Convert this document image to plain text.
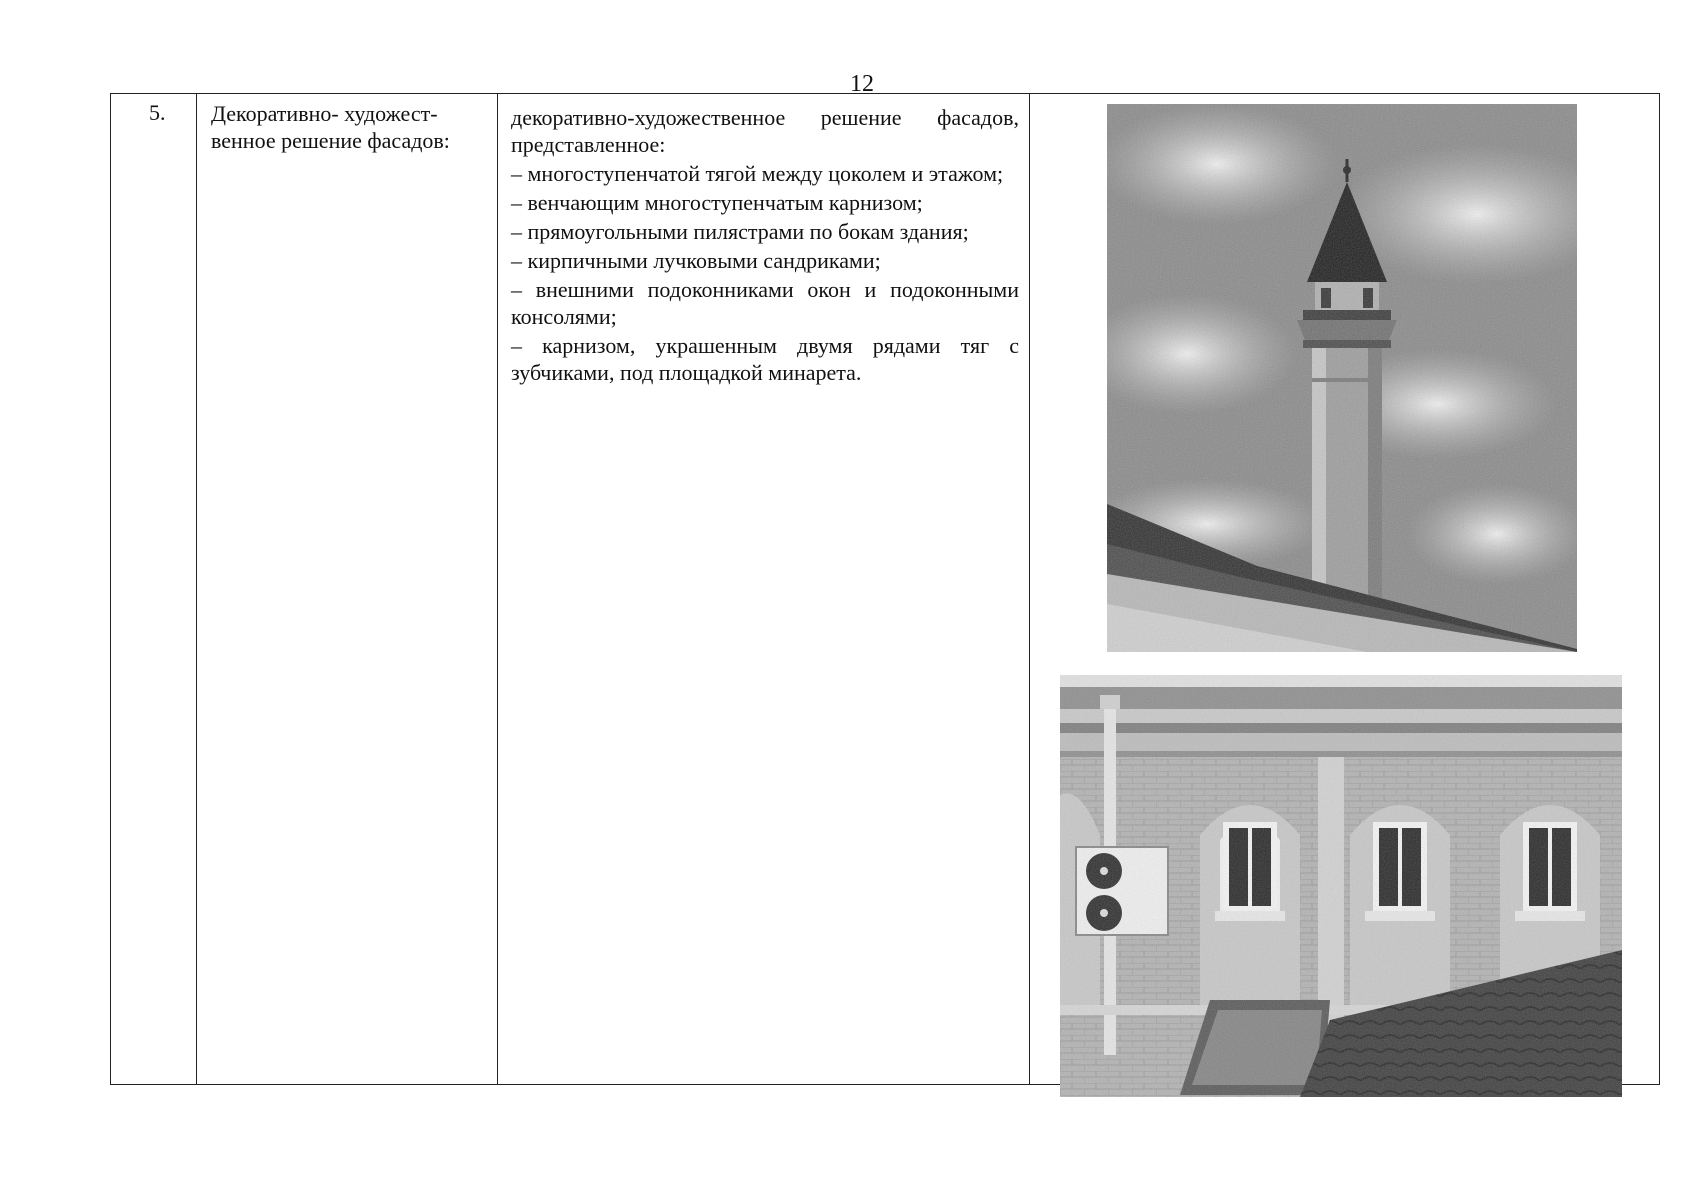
12
5. Декоративно- художест-
венное решение фасадов:

декоративно-художественное решение фасадов, представленное:

– многоступенчатой тягой между цоколем и этажом;

– венчающим многоступенчатым карнизом;

– прямоугольными пилястрами по бокам здания;

– кирпичными лучковыми сандриками;

– внешними подоконниками окон и подоконными консолями;

– карнизом, украшенным двумя рядами тяг с зубчиками, под площадкой минарета.
